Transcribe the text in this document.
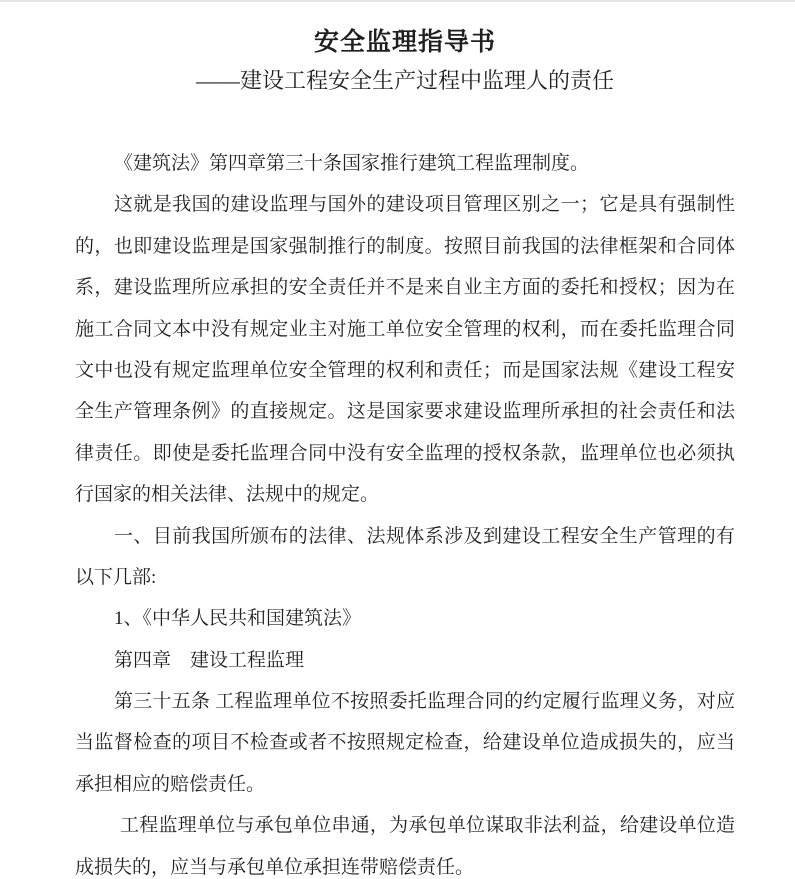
安全监理指导书
——建设工程安全生产过程中监理人的责任
《建筑法》第四章第三十条国家推行建筑工程监理制度。
这就是我国的建设监理与国外的建设项目管理区别之一；它是具有强制性
的，也即建设监理是国家强制推行的制度。按照目前我国的法律框架和合同体
系，建设监理所应承担的安全责任并不是来自业主方面的委托和授权；因为在
施工合同文本中没有规定业主对施工单位安全管理的权利，而在委托监理合同
文中也没有规定监理单位安全管理的权利和责任；而是国家法规《建设工程安
全生产管理条例》的直接规定。这是国家要求建设监理所承担的社会责任和法
律责任。即使是委托监理合同中没有安全监理的授权条款，监理单位也必须执
行国家的相关法律、法规中的规定。
一、目前我国所颁布的法律、法规体系涉及到建设工程安全生产管理的有
以下几部:
1、《中华人民共和国建筑法》
第四章　建设工程监理
第三十五条 工程监理单位不按照委托监理合同的约定履行监理义务，对应
当监督检查的项目不检查或者不按照规定检查，给建设单位造成损失的，应当
承担相应的赔偿责任。
工程监理单位与承包单位串通，为承包单位谋取非法利益，给建设单位造
成损失的，应当与承包单位承担连带赔偿责任。
